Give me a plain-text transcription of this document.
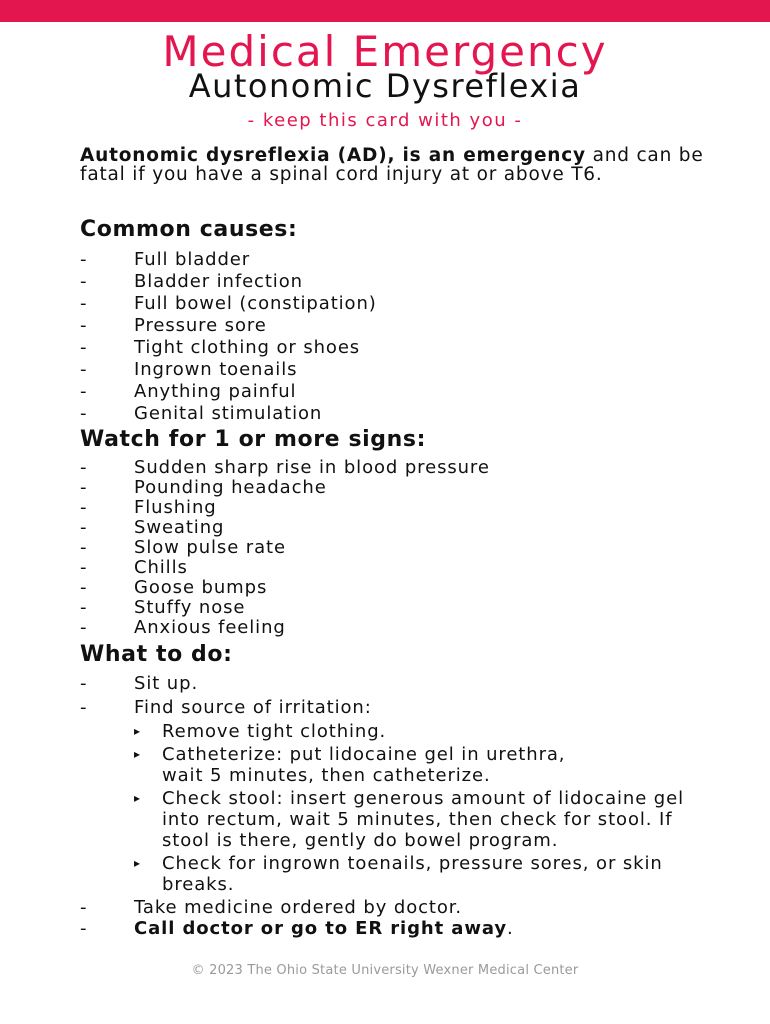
Medical Emergency
Autonomic Dysreflexia
- keep this card with you -
Autonomic dysreflexia (AD), is an emergency and can be fatal if you have a spinal cord injury at or above T6.
Common causes:
-	Full bladder
-	Bladder infection
-	Full bowel (constipation)
-	Pressure sore
-	Tight clothing or shoes
-	Ingrown toenails
-	Anything painful
-	Genital stimulation
Watch for 1 or more signs:
-	Sudden sharp rise in blood pressure
-	Pounding headache
-	Flushing
-	Sweating
-	Slow pulse rate
-	Chills
-	Goose bumps
-	Stuffy nose
-	Anxious feeling
What to do:
-	Sit up.
-	Find source of irritation:
▸ Remove tight clothing.
▸ Catheterize: put lidocaine gel in urethra, wait 5 minutes, then catheterize.
▸ Check stool: insert generous amount of lidocaine gel into rectum, wait 5 minutes, then check for stool. If stool is there, gently do bowel program.
▸ Check for ingrown toenails, pressure sores, or skin breaks.
-	Take medicine ordered by doctor.
-	Call doctor or go to ER right away.
© 2023 The Ohio State University Wexner Medical Center
